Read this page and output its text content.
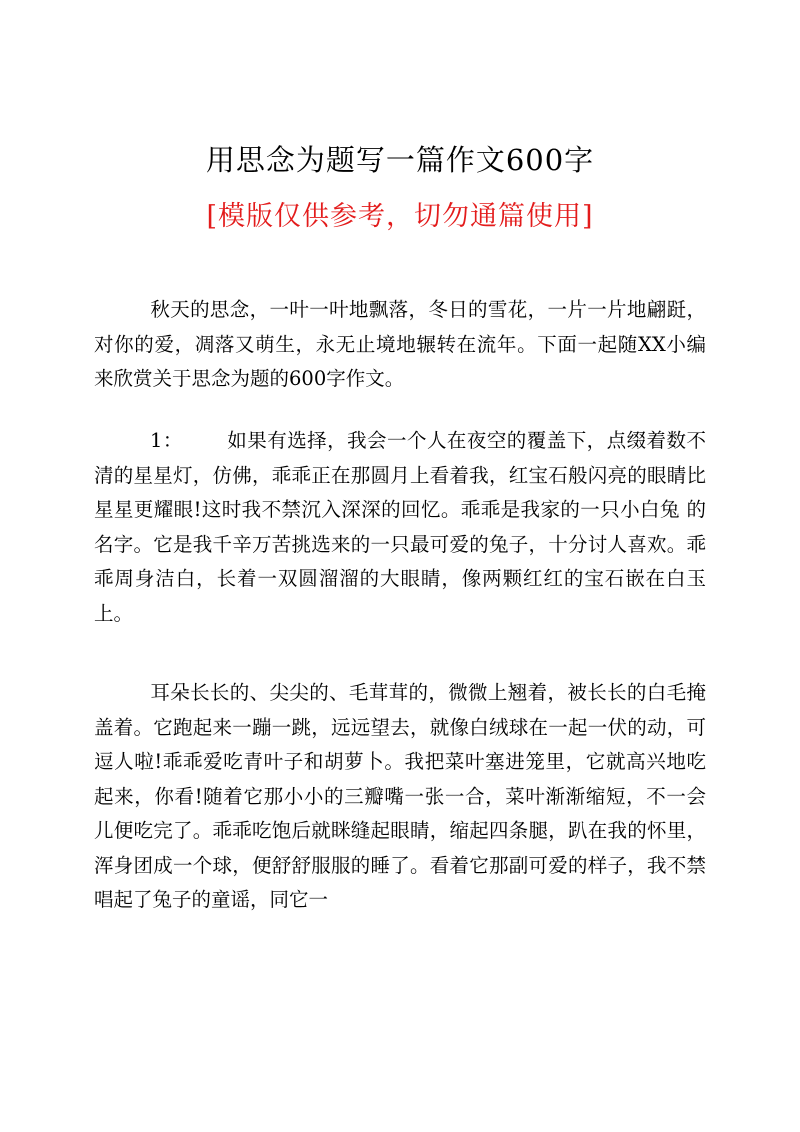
用思念为题写一篇作文600字
[模版仅供参考，切勿通篇使用]

秋天的思念，一叶一叶地飘落，冬日的雪花，一片一片地翩跹，对你的爱，凋落又萌生，永无止境地辗转在流年。下面一起随XX小编来欣赏关于思念为题的600字作文。

1： 如果有选择，我会一个人在夜空的覆盖下，点缀着数不清的星星灯，仿佛，乖乖正在那圆月上看着我，红宝石般闪亮的眼睛比星星更耀眼!这时我不禁沉入深深的回忆。乖乖是我家的一只小白兔 的名字。它是我千辛万苦挑选来的一只最可爱的兔子，十分讨人喜欢。乖乖周身洁白，长着一双圆溜溜的大眼睛，像两颗红红的宝石嵌在白玉上。

耳朵长长的、尖尖的、毛茸茸的，微微上翘着，被长长的白毛掩盖着。它跑起来一蹦一跳，远远望去，就像白绒球在一起一伏的动，可逗人啦!乖乖爱吃青叶子和胡萝卜。我把菜叶塞进笼里，它就高兴地吃起来，你看!随着它那小小的三瓣嘴一张一合，菜叶渐渐缩短，不一会儿便吃完了。乖乖吃饱后就眯缝起眼睛，缩起四条腿，趴在我的怀里，浑身团成一个球，便舒舒服服的睡了。看着它那副可爱的样子，我不禁唱起了兔子的童谣，同它一
